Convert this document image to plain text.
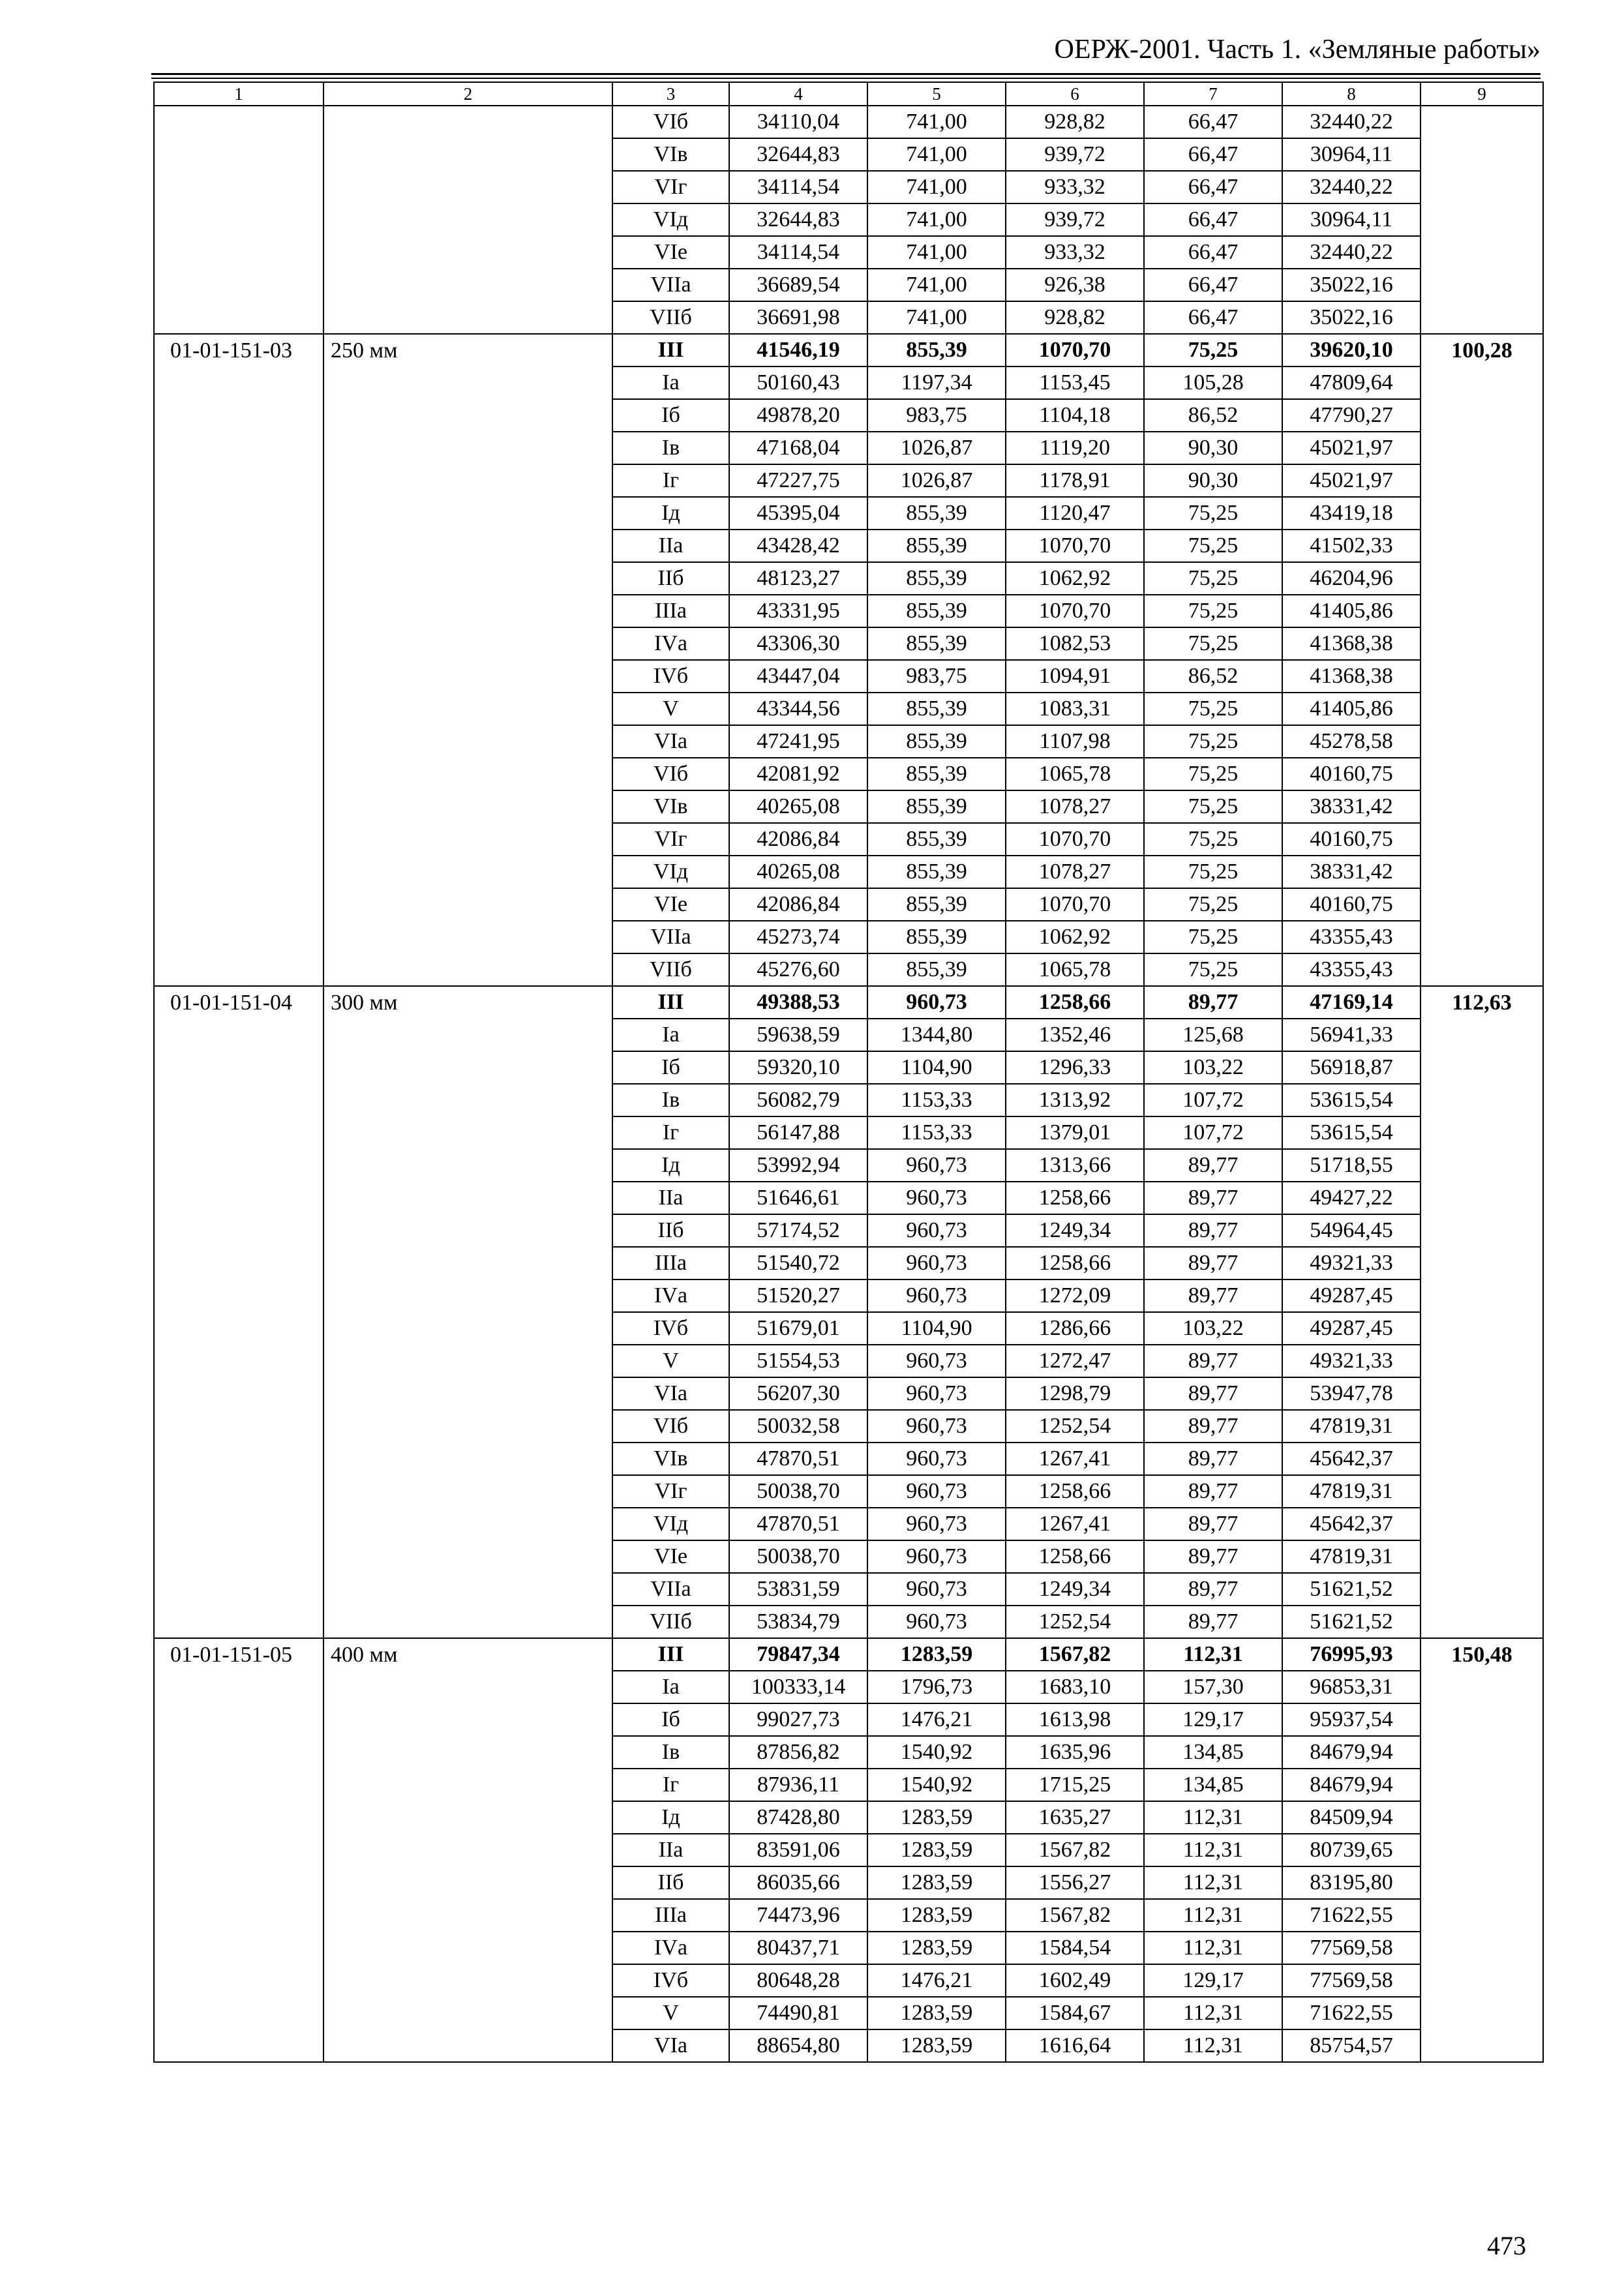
ОЕРЖ-2001. Часть 1. «Земляные работы»
1	2	3	4	5	6	7	8	9
		VIб	34110,04	741,00	928,82	66,47	32440,22	
		VIв	32644,83	741,00	939,72	66,47	30964,11	
		VIг	34114,54	741,00	933,32	66,47	32440,22	
		VIд	32644,83	741,00	939,72	66,47	30964,11	
		VIе	34114,54	741,00	933,32	66,47	32440,22	
		VIIа	36689,54	741,00	926,38	66,47	35022,16	
		VIIб	36691,98	741,00	928,82	66,47	35022,16	
01-01-151-03	250 мм	III	41546,19	855,39	1070,70	75,25	39620,10	100,28
		Iа	50160,43	1197,34	1153,45	105,28	47809,64	
		Iб	49878,20	983,75	1104,18	86,52	47790,27	
		Iв	47168,04	1026,87	1119,20	90,30	45021,97	
		Iг	47227,75	1026,87	1178,91	90,30	45021,97	
		Iд	45395,04	855,39	1120,47	75,25	43419,18	
		IIа	43428,42	855,39	1070,70	75,25	41502,33	
		IIб	48123,27	855,39	1062,92	75,25	46204,96	
		IIIа	43331,95	855,39	1070,70	75,25	41405,86	
		IVа	43306,30	855,39	1082,53	75,25	41368,38	
		IVб	43447,04	983,75	1094,91	86,52	41368,38	
		V	43344,56	855,39	1083,31	75,25	41405,86	
		VIа	47241,95	855,39	1107,98	75,25	45278,58	
		VIб	42081,92	855,39	1065,78	75,25	40160,75	
		VIв	40265,08	855,39	1078,27	75,25	38331,42	
		VIг	42086,84	855,39	1070,70	75,25	40160,75	
		VIд	40265,08	855,39	1078,27	75,25	38331,42	
		VIе	42086,84	855,39	1070,70	75,25	40160,75	
		VIIа	45273,74	855,39	1062,92	75,25	43355,43	
		VIIб	45276,60	855,39	1065,78	75,25	43355,43	
01-01-151-04	300 мм	III	49388,53	960,73	1258,66	89,77	47169,14	112,63
		Iа	59638,59	1344,80	1352,46	125,68	56941,33	
		Iб	59320,10	1104,90	1296,33	103,22	56918,87	
		Iв	56082,79	1153,33	1313,92	107,72	53615,54	
		Iг	56147,88	1153,33	1379,01	107,72	53615,54	
		Iд	53992,94	960,73	1313,66	89,77	51718,55	
		IIа	51646,61	960,73	1258,66	89,77	49427,22	
		IIб	57174,52	960,73	1249,34	89,77	54964,45	
		IIIа	51540,72	960,73	1258,66	89,77	49321,33	
		IVа	51520,27	960,73	1272,09	89,77	49287,45	
		IVб	51679,01	1104,90	1286,66	103,22	49287,45	
		V	51554,53	960,73	1272,47	89,77	49321,33	
		VIа	56207,30	960,73	1298,79	89,77	53947,78	
		VIб	50032,58	960,73	1252,54	89,77	47819,31	
		VIв	47870,51	960,73	1267,41	89,77	45642,37	
		VIг	50038,70	960,73	1258,66	89,77	47819,31	
		VIд	47870,51	960,73	1267,41	89,77	45642,37	
		VIе	50038,70	960,73	1258,66	89,77	47819,31	
		VIIа	53831,59	960,73	1249,34	89,77	51621,52	
		VIIб	53834,79	960,73	1252,54	89,77	51621,52	
01-01-151-05	400 мм	III	79847,34	1283,59	1567,82	112,31	76995,93	150,48
		Iа	100333,14	1796,73	1683,10	157,30	96853,31	
		Iб	99027,73	1476,21	1613,98	129,17	95937,54	
		Iв	87856,82	1540,92	1635,96	134,85	84679,94	
		Iг	87936,11	1540,92	1715,25	134,85	84679,94	
		Iд	87428,80	1283,59	1635,27	112,31	84509,94	
		IIа	83591,06	1283,59	1567,82	112,31	80739,65	
		IIб	86035,66	1283,59	1556,27	112,31	83195,80	
		IIIа	74473,96	1283,59	1567,82	112,31	71622,55	
		IVа	80437,71	1283,59	1584,54	112,31	77569,58	
		IVб	80648,28	1476,21	1602,49	129,17	77569,58	
		V	74490,81	1283,59	1584,67	112,31	71622,55	
		VIа	88654,80	1283,59	1616,64	112,31	85754,57	
473
